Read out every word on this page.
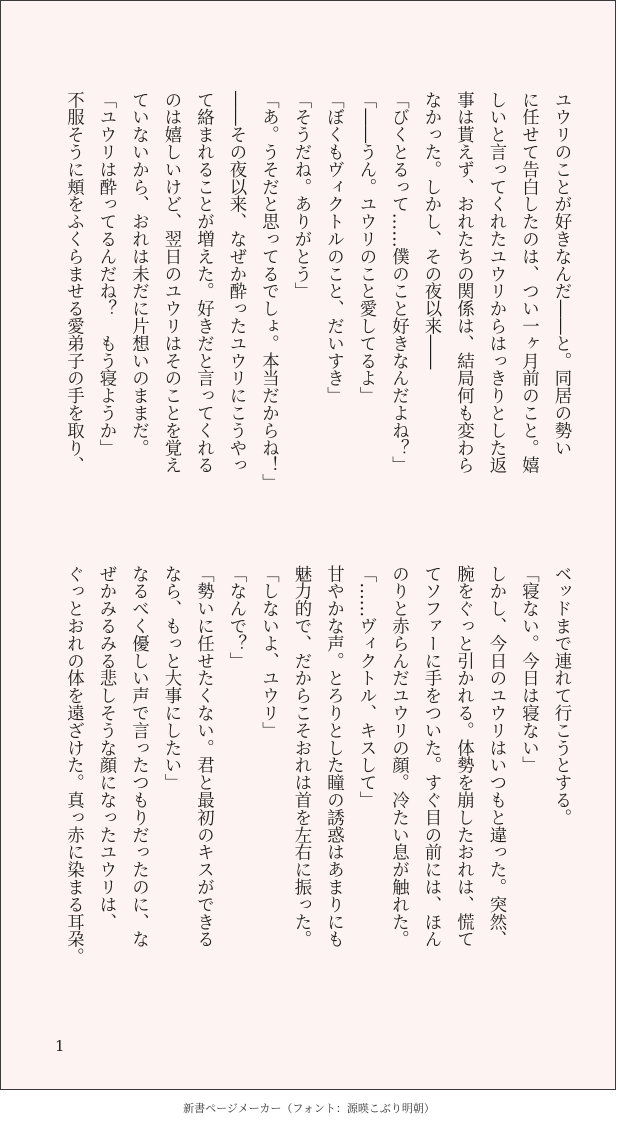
ユウリのことが好きなんだ――と。同居の勢い
に任せて告白したのは、つい一ヶ月前のこと。嬉
しいと言ってくれたユウリからはっきりとした返
事は貰えず、おれたちの関係は、結局何も変わら
なかった。しかし、その夜以来――
「びくとるって……僕のこと好きなんだよね？」
「――うん。ユウリのこと愛してるよ」
「ぼくもヴィクトルのこと、だいすき」
「そうだね。ありがとう」
「あ。うそだと思ってるでしょ。本当だからね！」
――その夜以来、なぜか酔ったユウリにこうやっ
て絡まれることが増えた。好きだと言ってくれる
のは嬉しいけど、翌日のユウリはそのことを覚え
ていないから、おれは未だに片想いのままだ。
「ユウリは酔ってるんだね？　もう寝ようか」
不服そうに頬をふくらませる愛弟子の手を取り、
ベッドまで連れて行こうとする。
「寝ない。今日は寝ない」
しかし、今日のユウリはいつもと違った。突然、
腕をぐっと引かれる。体勢を崩したおれは、慌て
てソファーに手をついた。すぐ目の前には、ほん
のりと赤らんだユウリの顔。冷たい息が触れた。
「……ヴィクトル、キスして」
甘やかな声。とろりとした瞳の誘惑はあまりにも
魅力的で、だからこそおれは首を左右に振った。
「しないよ、ユウリ」
「なんで？」
「勢いに任せたくない。君と最初のキスができる
なら、もっと大事にしたい」
なるべく優しい声で言ったつもりだったのに、な
ぜかみるみる悲しそうな顔になったユウリは、
ぐっとおれの体を遠ざけた。真っ赤に染まる耳朶。
1
新書ページメーカー（フォント：源暎こぶり明朝）
